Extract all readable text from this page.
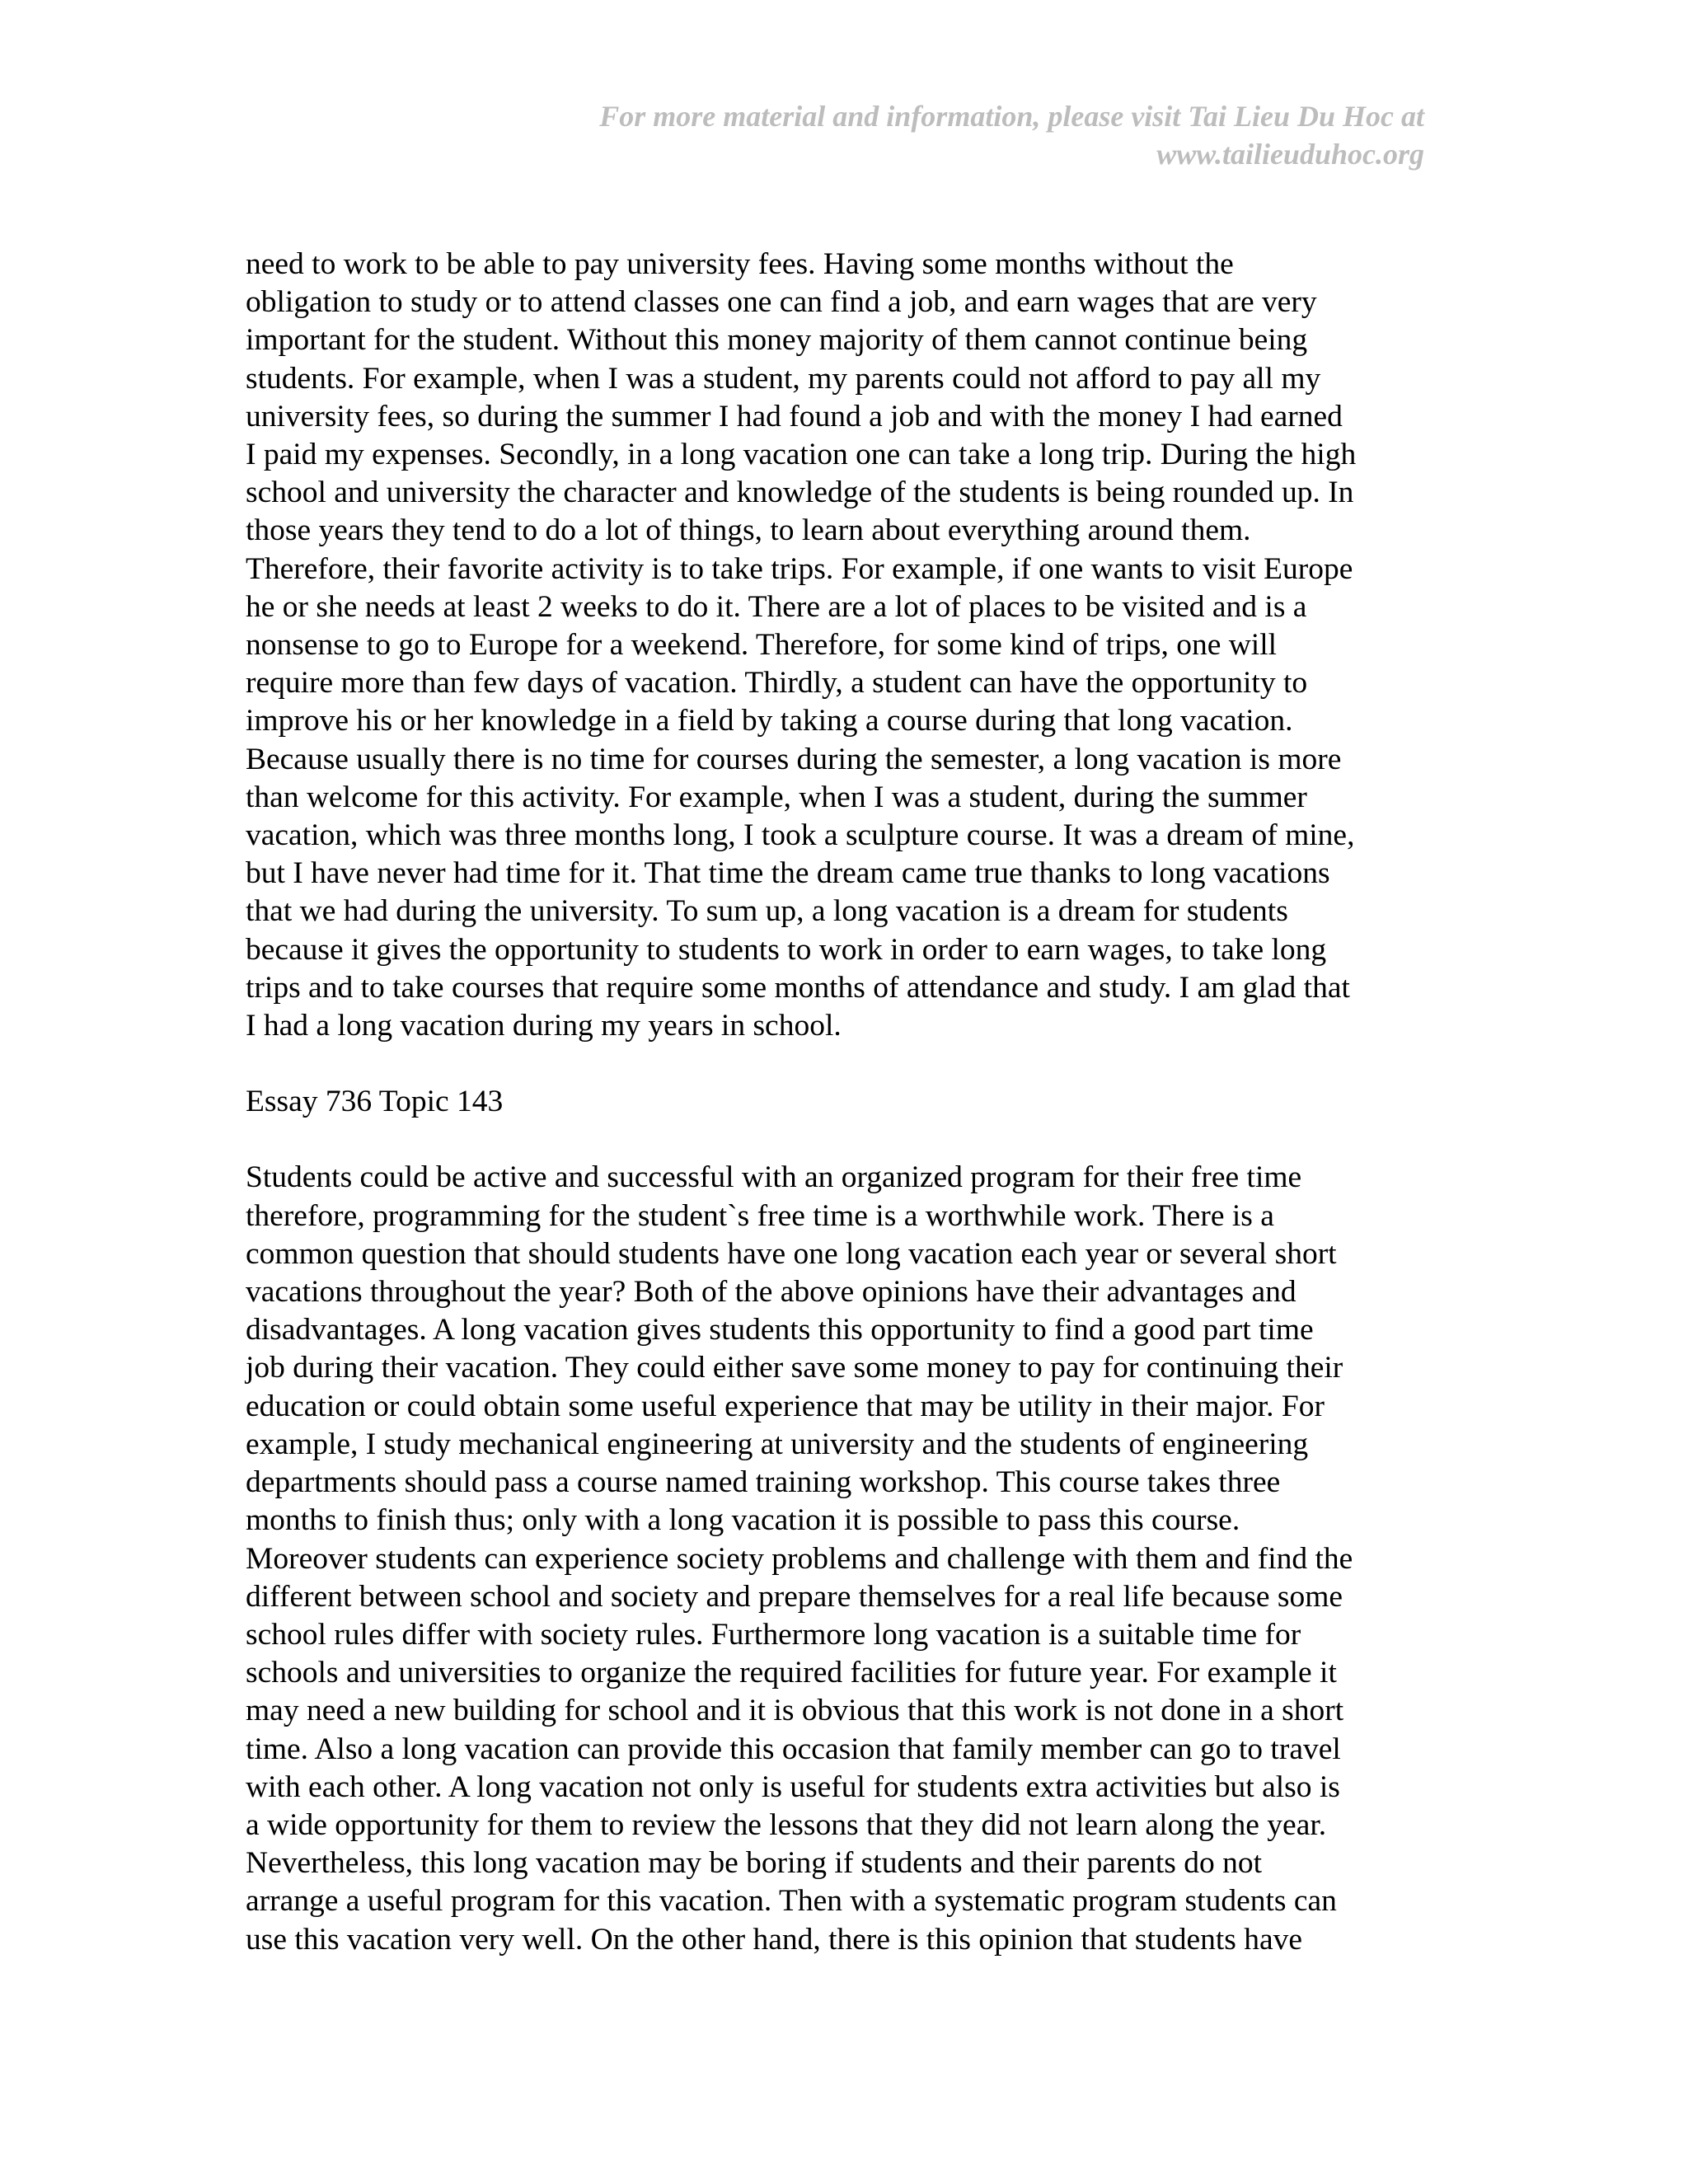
For more material and information, please visit Tai Lieu Du Hoc at
www.tailieuduhoc.org
need to work to be able to pay university fees. Having some months without the
obligation to study or to attend classes one can find a job, and earn wages that are very
important for the student. Without this money majority of them cannot continue being
students. For example, when I was a student, my parents could not afford to pay all my
university fees, so during the summer I had found a job and with the money I had earned
I paid my expenses. Secondly, in a long vacation one can take a long trip. During the high
school and university the character and knowledge of the students is being rounded up. In
those years they tend to do a lot of things, to learn about everything around them.
Therefore, their favorite activity is to take trips. For example, if one wants to visit Europe
he or she needs at least 2 weeks to do it. There are a lot of places to be visited and is a
nonsense to go to Europe for a weekend. Therefore, for some kind of trips, one will
require more than few days of vacation. Thirdly, a student can have the opportunity to
improve his or her knowledge in a field by taking a course during that long vacation.
Because usually there is no time for courses during the semester, a long vacation is more
than welcome for this activity. For example, when I was a student, during the summer
vacation, which was three months long, I took a sculpture course. It was a dream of mine,
but I have never had time for it. That time the dream came true thanks to long vacations
that we had during the university. To sum up, a long vacation is a dream for students
because it gives the opportunity to students to work in order to earn wages, to take long
trips and to take courses that require some months of attendance and study. I am glad that
I had a long vacation during my years in school.
Essay 736 Topic 143
Students could be active and successful with an organized program for their free time
therefore, programming for the student`s free time is a worthwhile work. There is a
common question that should students have one long vacation each year or several short
vacations throughout the year? Both of the above opinions have their advantages and
disadvantages. A long vacation gives students this opportunity to find a good part time
job during their vacation. They could either save some money to pay for continuing their
education or could obtain some useful experience that may be utility in their major. For
example, I study mechanical engineering at university and the students of engineering
departments should pass a course named training workshop. This course takes three
months to finish thus; only with a long vacation it is possible to pass this course.
Moreover students can experience society problems and challenge with them and find the
different between school and society and prepare themselves for a real life because some
school rules differ with society rules. Furthermore long vacation is a suitable time for
schools and universities to organize the required facilities for future year. For example it
may need a new building for school and it is obvious that this work is not done in a short
time. Also a long vacation can provide this occasion that family member can go to travel
with each other. A long vacation not only is useful for students extra activities but also is
a wide opportunity for them to review the lessons that they did not learn along the year.
Nevertheless, this long vacation may be boring if students and their parents do not
arrange a useful program for this vacation. Then with a systematic program students can
use this vacation very well. On the other hand, there is this opinion that students have
